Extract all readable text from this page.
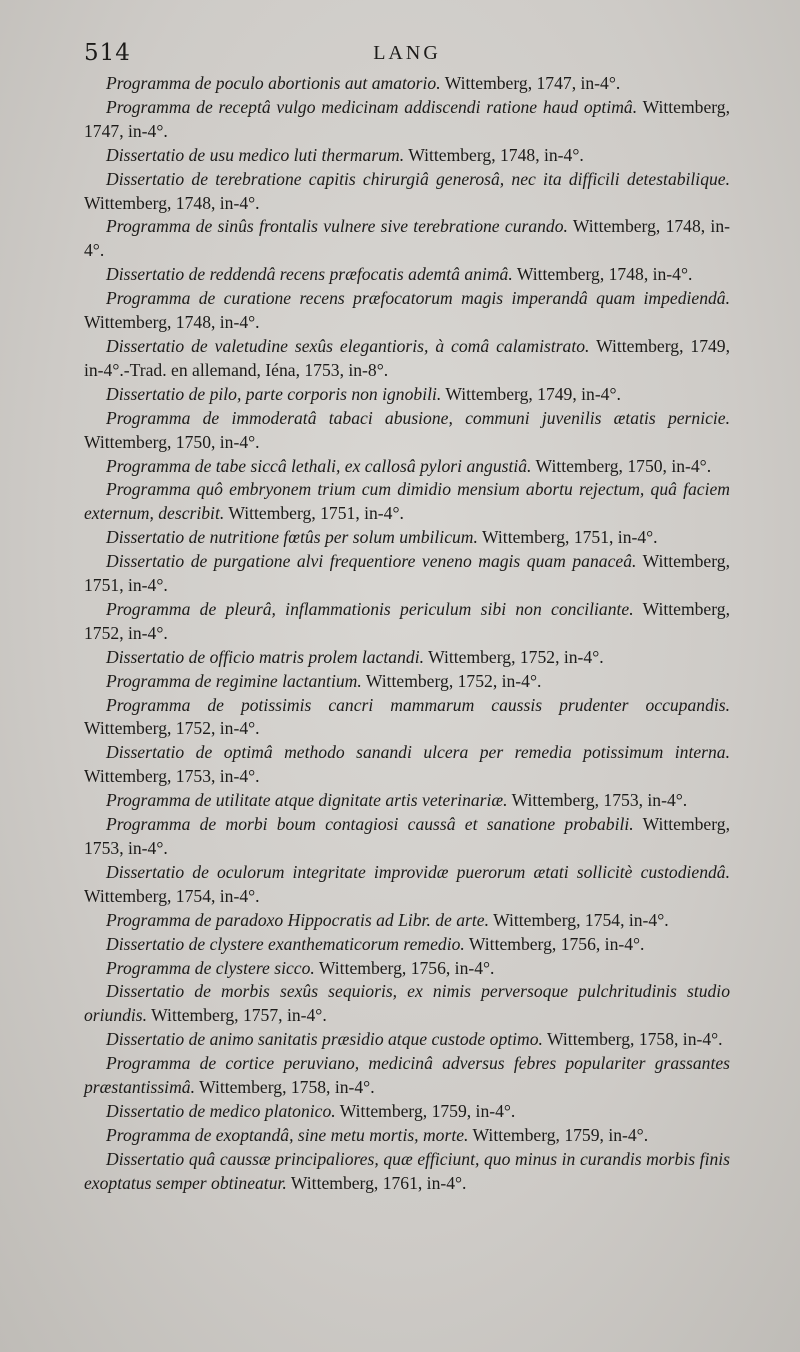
514	LANG

Programma de poculo abortionis aut amatorio. Wittemberg, 1747, in-4°.

Programma de receptâ vulgo medicinam addiscendi ratione haud optimâ. Wittemberg, 1747, in-4°.

Dissertatio de usu medico luti thermarum. Wittemberg, 1748, in-4°.

Dissertatio de terebratione capitis chirurgiâ generosâ, nec ita difficili detestabilique. Wittemberg, 1748, in-4°.

Programma de sinûs frontalis vulnere sive terebratione curando. Wittemberg, 1748, in-4°.

Dissertatio de reddendâ recens præfocatis ademtâ animâ. Wittemberg, 1748, in-4°.

Programma de curatione recens præfocatorum magis imperandâ quam impediendâ. Wittemberg, 1748, in-4°.

Dissertatio de valetudine sexûs elegantioris, à comâ calamistrato. Wittemberg, 1749, in-4°.-Trad. en allemand, Iéna, 1753, in-8°.

Dissertatio de pilo, parte corporis non ignobili. Wittemberg, 1749, in-4°.

Programma de immoderatâ tabaci abusione, communi juvenilis ætatis pernicie. Wittemberg, 1750, in-4°.

Programma de tabe siccâ lethali, ex callosâ pylori angustiâ. Wittemberg, 1750, in-4°.

Programma quô embryonem trium cum dimidio mensium abortu rejectum, quâ faciem externum, describit. Wittemberg, 1751, in-4°.

Dissertatio de nutritione fœtûs per solum umbilicum. Wittemberg, 1751, in-4°.

Dissertatio de purgatione alvi frequentiore veneno magis quam panaceâ. Wittemberg, 1751, in-4°.

Programma de pleurâ, inflammationis periculum sibi non conciliante. Wittemberg, 1752, in-4°.

Dissertatio de officio matris prolem lactandi. Wittemberg, 1752, in-4°.

Programma de regimine lactantium. Wittemberg, 1752, in-4°.

Programma de potissimis cancri mammarum caussis prudenter occupandis. Wittemberg, 1752, in-4°.

Dissertatio de optimâ methodo sanandi ulcera per remedia potissimum interna. Wittemberg, 1753, in-4°.

Programma de utilitate atque dignitate artis veterinariæ. Wittemberg, 1753, in-4°.

Programma de morbi boum contagiosi caussâ et sanatione probabili. Wittemberg, 1753, in-4°.

Dissertatio de oculorum integritate improvidæ puerorum ætati sollicitè custodiendâ. Wittemberg, 1754, in-4°.

Programma de paradoxo Hippocratis ad Libr. de arte. Wittemberg, 1754, in-4°.

Dissertatio de clystere exanthematicorum remedio. Wittemberg, 1756, in-4°.

Programma de clystere sicco. Wittemberg, 1756, in-4°.

Dissertatio de morbis sexûs sequioris, ex nimis perversoque pulchritudinis studio oriundis. Wittemberg, 1757, in-4°.

Dissertatio de animo sanitatis præsidio atque custode optimo. Wittemberg, 1758, in-4°.

Programma de cortice peruviano, medicinâ adversus febres populariter grassantes præstantissimâ. Wittemberg, 1758, in-4°.

Dissertatio de medico platonico. Wittemberg, 1759, in-4°.

Programma de exoptandâ, sine metu mortis, morte. Wittemberg, 1759, in-4°.

Dissertatio quâ caussæ principaliores, quæ efficiunt, quo minus in curandis morbis finis exoptatus semper obtineatur. Wittemberg, 1761, in-4°.
